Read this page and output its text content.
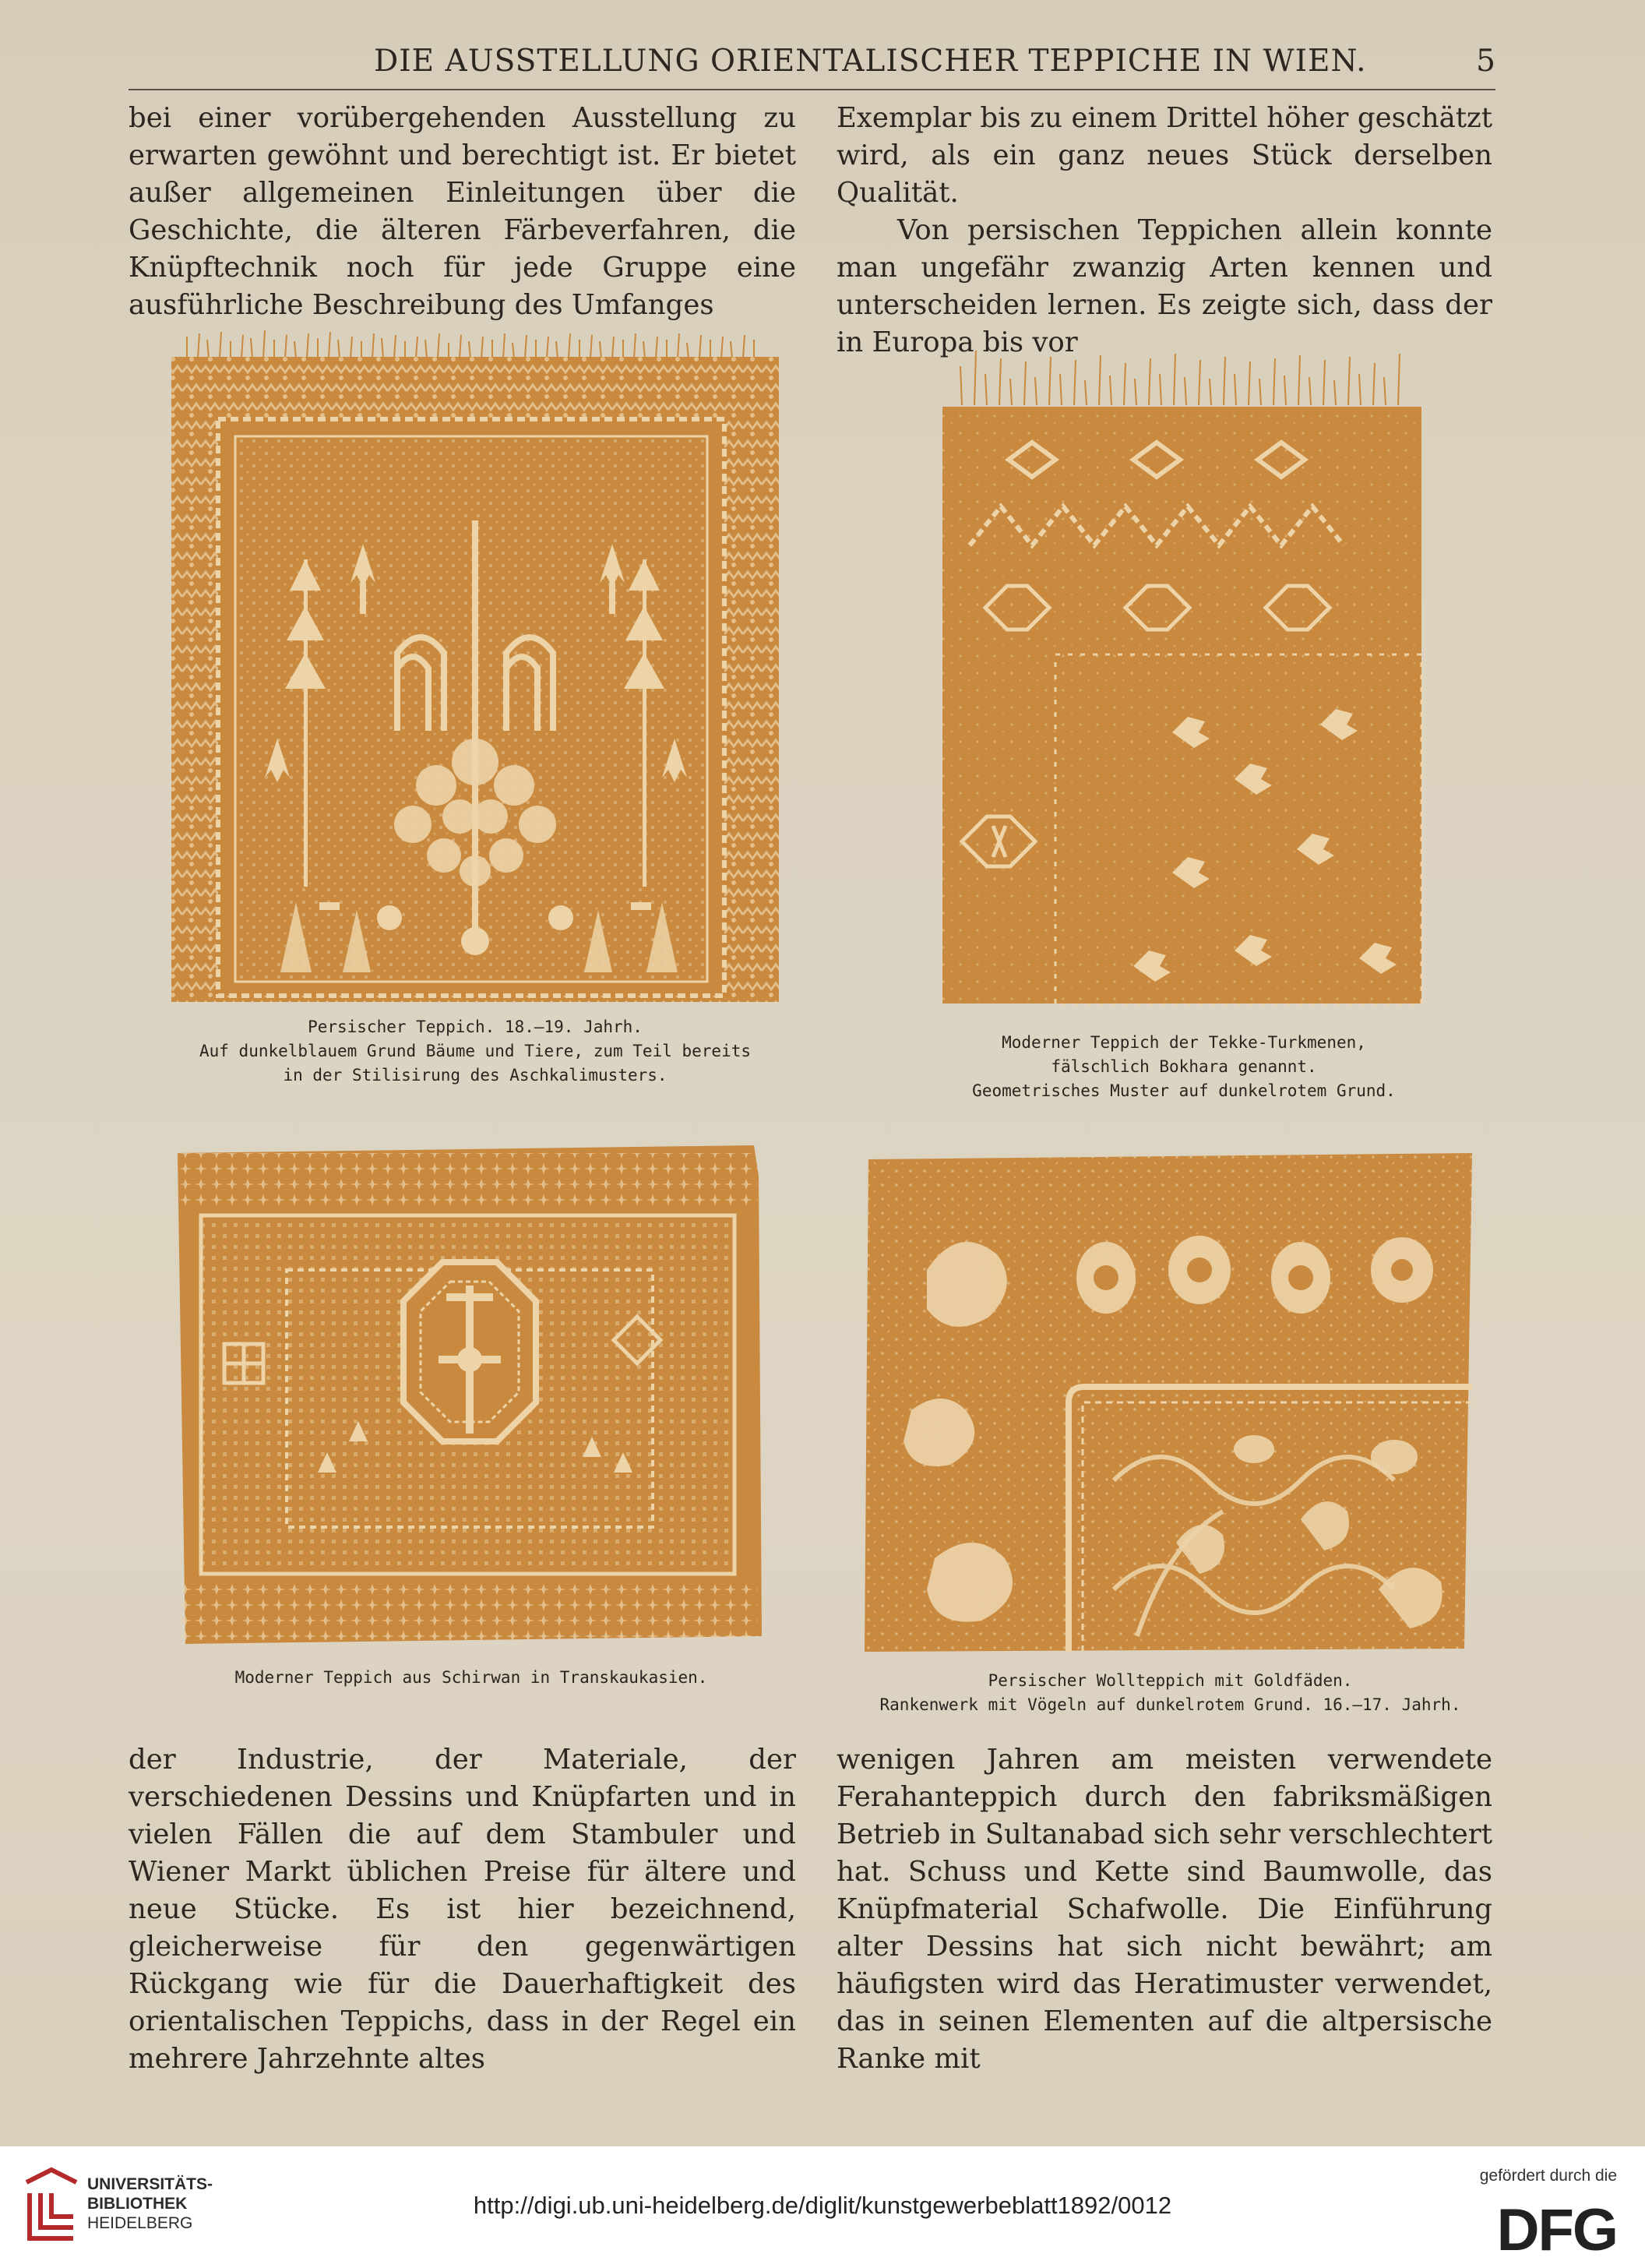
DIE AUSSTELLUNG ORIENTALISCHER TEPPICHE IN WIEN.	5

bei einer vorübergehenden Ausstellung zu erwarten gewöhnt und berechtigt ist. Er bietet außer allgemeinen Einleitungen über die Geschichte, die älteren Färbeverfahren, die Knüpftechnik noch für jede Gruppe eine ausführliche Beschreibung des Umfanges

Exemplar bis zu einem Drittel höher geschätzt wird, als ein ganz neues Stück derselben Qualität.

Von persischen Teppichen allein konnte man ungefähr zwanzig Arten kennen und unterscheiden lernen. Es zeigte sich, dass der in Europa bis vor

Persischer Teppich. 18.—19. Jahrh.
Auf dunkelblauem Grund Bäume und Tiere, zum Teil bereits
in der Stilisirung des Aschkalimusters.
Moderner Teppich der Tekke-Turkmenen,
fälschlich Bokhara genannt.
Geometrisches Muster auf dunkelrotem Grund.
Moderner Teppich aus Schirwan in Transkaukasien.	Persischer Wollteppich mit Goldfäden.
Rankenwerk mit Vögeln auf dunkelrotem Grund. 16.—17. Jahrh.

der Industrie, der Materiale, der verschiedenen Dessins und Knüpfarten und in vielen Fällen die auf dem Stambuler und Wiener Markt üblichen Preise für ältere und neue Stücke. Es ist hier bezeichnend, gleicherweise für den gegenwärtigen Rückgang wie für die Dauerhaftigkeit des orientalischen Teppichs, dass in der Regel ein mehrere Jahrzehnte altes

wenigen Jahren am meisten verwendete Ferahanteppich durch den fabriksmäßigen Betrieb in Sultanabad sich sehr verschlechtert hat. Schuss und Kette sind Baumwolle, das Knüpfmaterial Schafwolle. Die Einführung alter Dessins hat sich nicht bewährt; am häufigsten wird das Heratimuster verwendet, das in seinen Elementen auf die altpersische Ranke mit

UNIVERSITÄTS-
BIBLIOTHEK
HEIDELBERG
http://digi.ub.uni-heidelberg.de/diglit/kunstgewerbeblatt1892/0012
gefördert durch die
DFG
